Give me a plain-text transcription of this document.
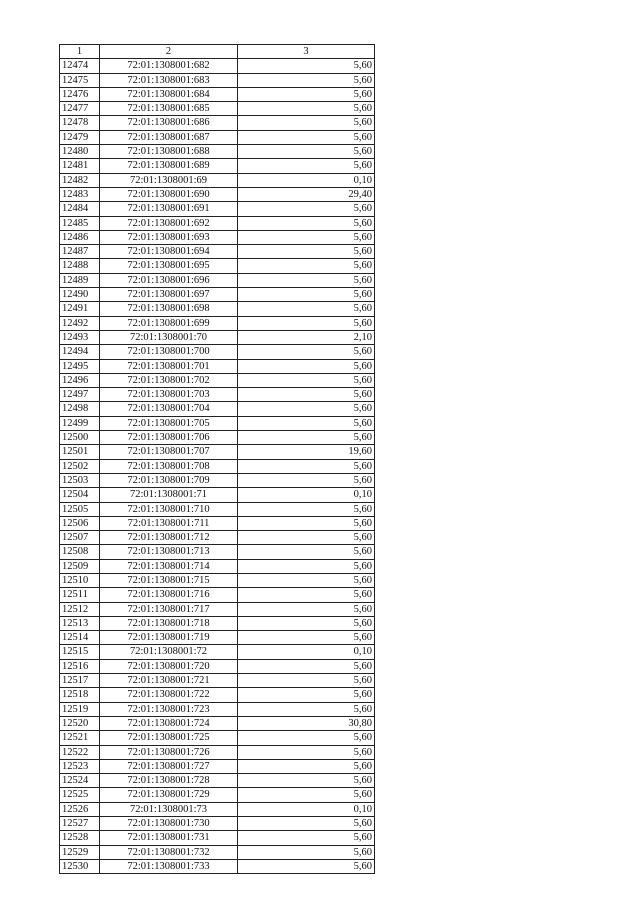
1	2	3
12474	72:01:1308001:682	5,60
12475	72:01:1308001:683	5,60
12476	72:01:1308001:684	5,60
12477	72:01:1308001:685	5,60
12478	72:01:1308001:686	5,60
12479	72:01:1308001:687	5,60
12480	72:01:1308001:688	5,60
12481	72:01:1308001:689	5,60
12482	72:01:1308001:69	0,10
12483	72:01:1308001:690	29,40
12484	72:01:1308001:691	5,60
12485	72:01:1308001:692	5,60
12486	72:01:1308001:693	5,60
12487	72:01:1308001:694	5,60
12488	72:01:1308001:695	5,60
12489	72:01:1308001:696	5,60
12490	72:01:1308001:697	5,60
12491	72:01:1308001:698	5,60
12492	72:01:1308001:699	5,60
12493	72:01:1308001:70	2,10
12494	72:01:1308001:700	5,60
12495	72:01:1308001:701	5,60
12496	72:01:1308001:702	5,60
12497	72:01:1308001:703	5,60
12498	72:01:1308001:704	5,60
12499	72:01:1308001:705	5,60
12500	72:01:1308001:706	5,60
12501	72:01:1308001:707	19,60
12502	72:01:1308001:708	5,60
12503	72:01:1308001:709	5,60
12504	72:01:1308001:71	0,10
12505	72:01:1308001:710	5,60
12506	72:01:1308001:711	5,60
12507	72:01:1308001:712	5,60
12508	72:01:1308001:713	5,60
12509	72:01:1308001:714	5,60
12510	72:01:1308001:715	5,60
12511	72:01:1308001:716	5,60
12512	72:01:1308001:717	5,60
12513	72:01:1308001:718	5,60
12514	72:01:1308001:719	5,60
12515	72:01:1308001:72	0,10
12516	72:01:1308001:720	5,60
12517	72:01:1308001:721	5,60
12518	72:01:1308001:722	5,60
12519	72:01:1308001:723	5,60
12520	72:01:1308001:724	30,80
12521	72:01:1308001:725	5,60
12522	72:01:1308001:726	5,60
12523	72:01:1308001:727	5,60
12524	72:01:1308001:728	5,60
12525	72:01:1308001:729	5,60
12526	72:01:1308001:73	0,10
12527	72:01:1308001:730	5,60
12528	72:01:1308001:731	5,60
12529	72:01:1308001:732	5,60
12530	72:01:1308001:733	5,60
